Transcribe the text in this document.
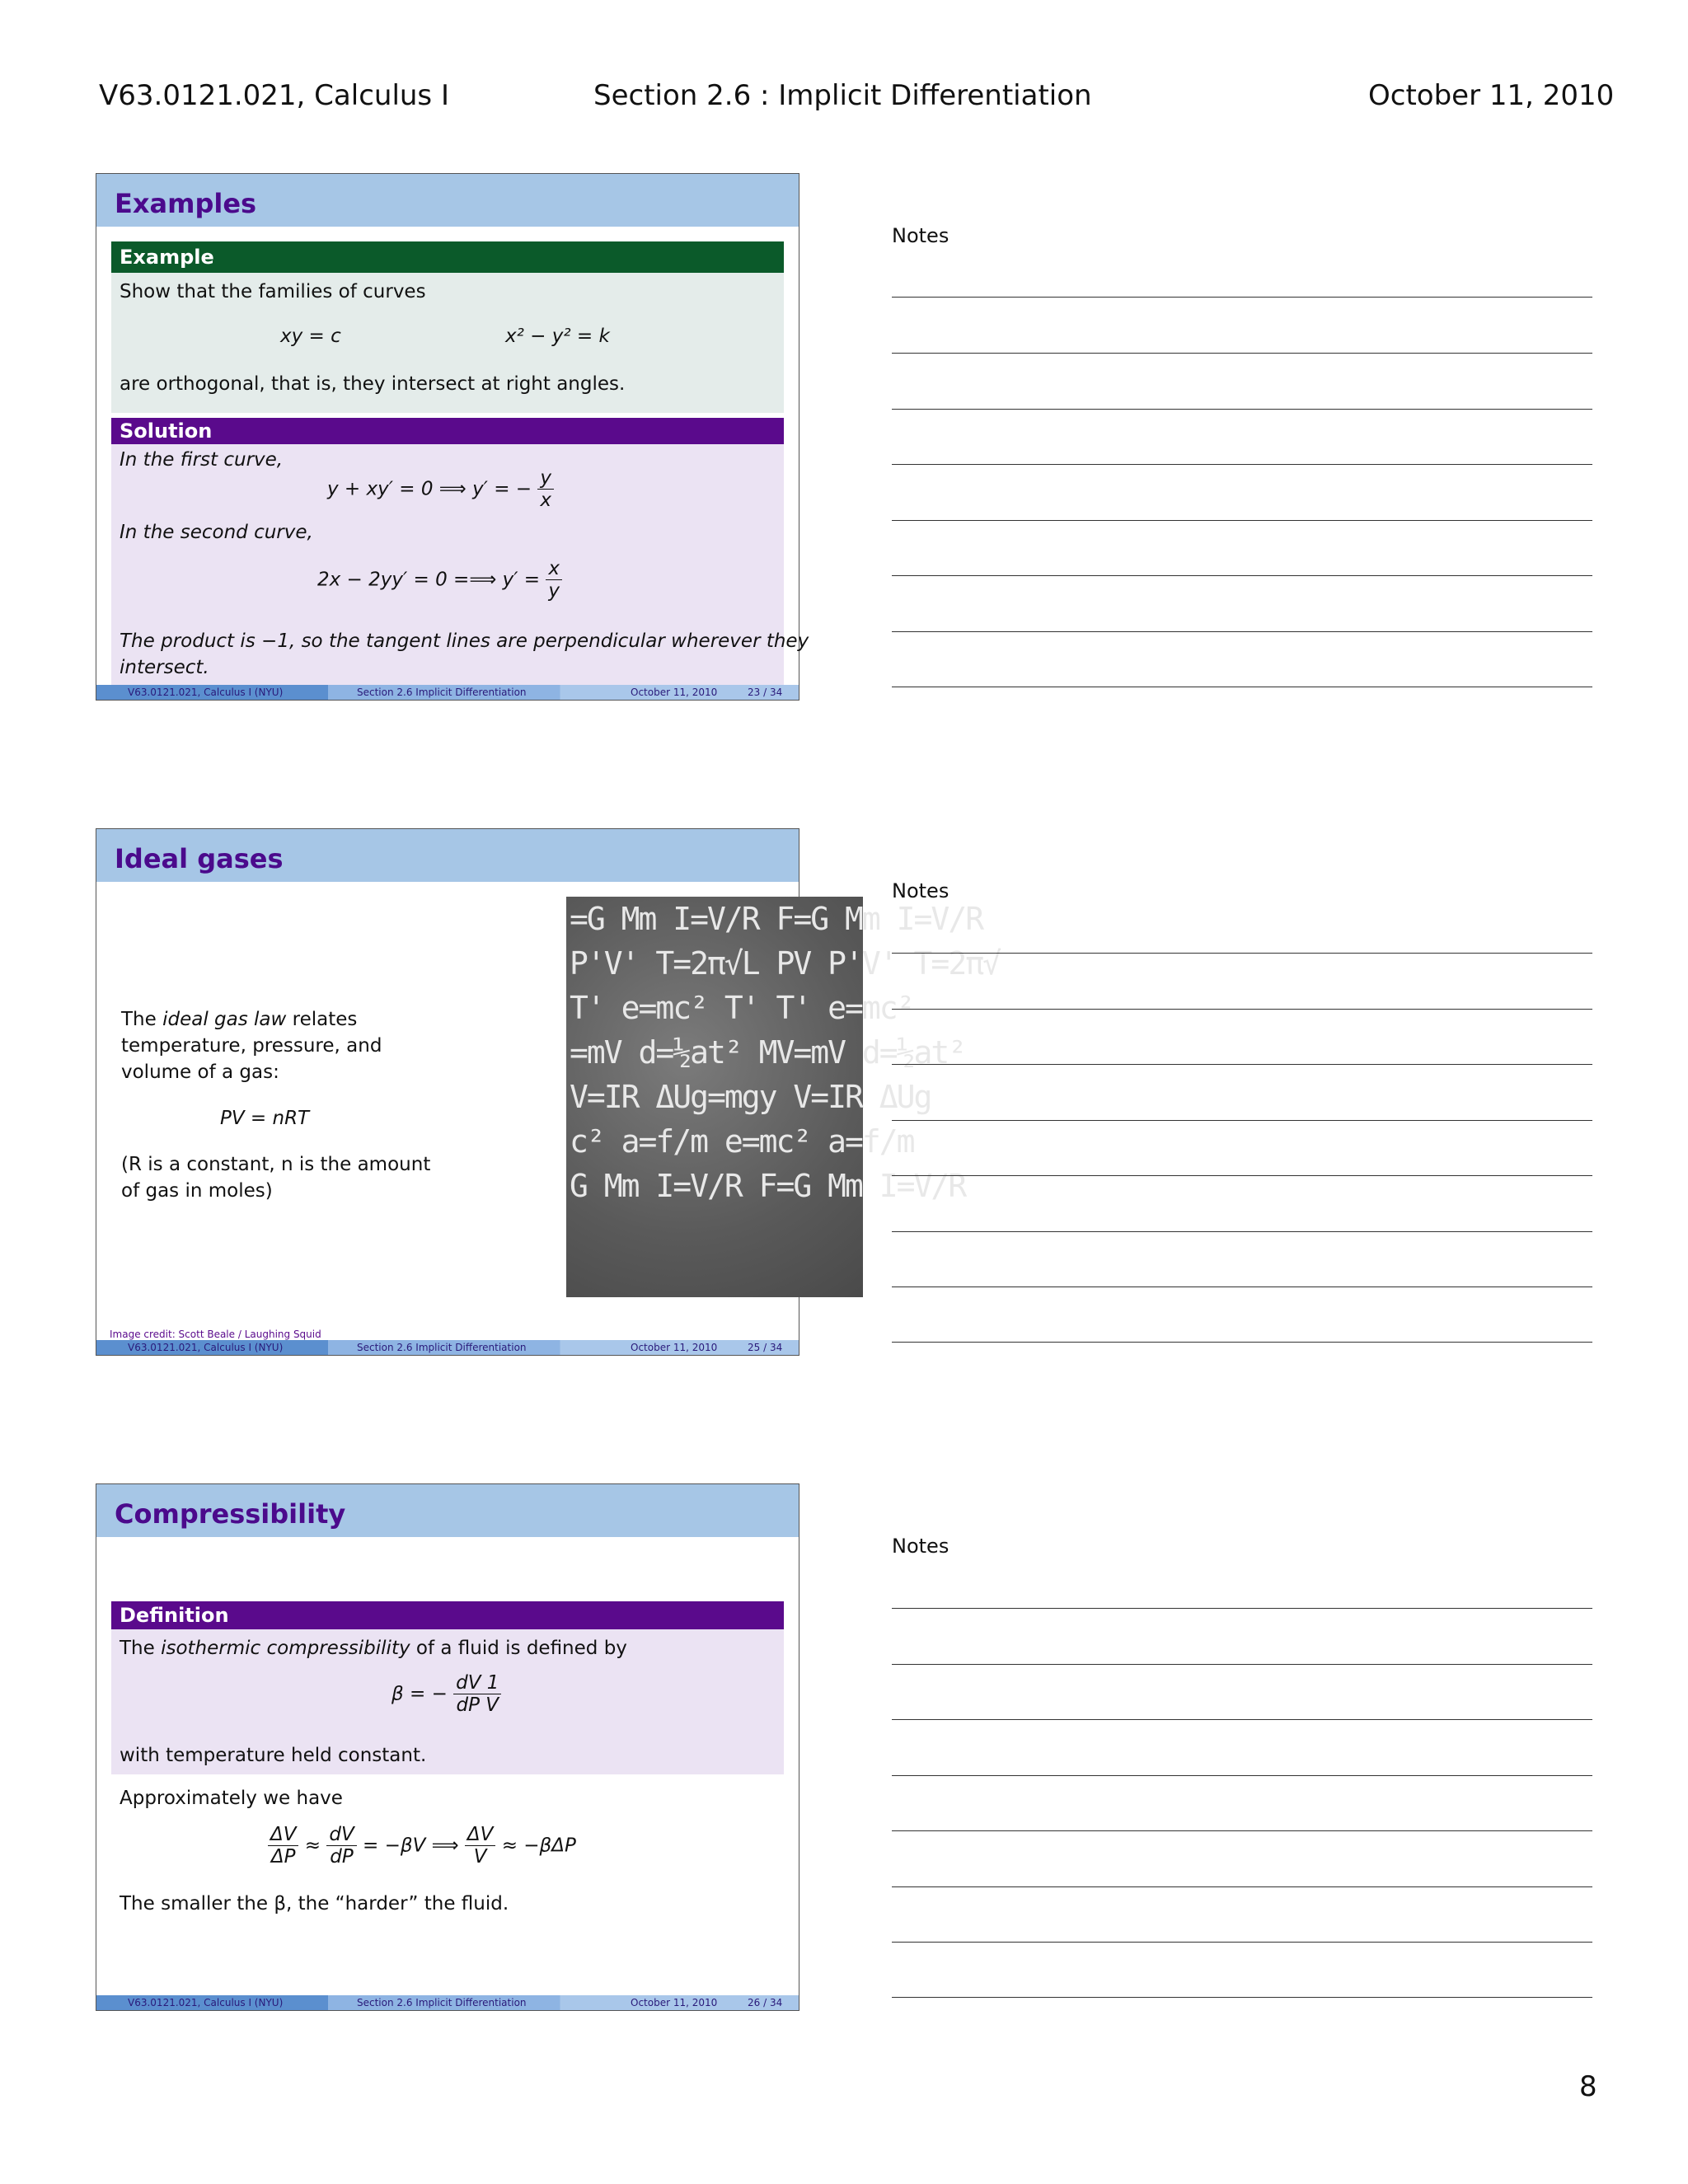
V63.0121.021, Calculus I	Section 2.6 : Implicit Differentiation	October 11, 2010
Examples
Example
Show that the families of curves
xy = c	x² − y² = k
are orthogonal, that is, they intersect at right angles.
Solution
In the first curve,
y + xy′ = 0 ⟹ y′ = − $\frac{y}{x}$
In the second curve,
2x − 2yy′ = 0 =⟹ $y' = \frac{x}{y}$
The product is −1, so the tangent lines are perpendicular wherever they
intersect.
V63.0121.021, Calculus I (NYU)	Section 2.6 Implicit Differentiation	October 11, 2010	23 / 34
Ideal gases
The ideal gas law relates
temperature, pressure, and
volume of a gas:
PV = nRT
(R is a constant, n is the amount
of gas in moles)
=G Mm I=V/R F=G Mm I=V/R
P'V' T=2π√L PV P'V' T=2π√
T' e=mc² T' T' e=mc²
=mV d=½at² MV=mV d=½at²
V=IR ΔUg=mgy V=IR ΔUg
c² a=f/m e=mc² a=f/m
G Mm I=V/R F=G Mm I=V/R
Image credit: Scott Beale / Laughing Squid
V63.0121.021, Calculus I (NYU)	Section 2.6 Implicit Differentiation	October 11, 2010	25 / 34
Compressibility
Definition
The isothermic compressibility of a fluid is defined by
β = − $\frac{dV 1}{\text{dP V}}$
with temperature held constant.
Approximately we have
$\frac{\Delta V}{\Delta P} \approx \frac{dV}{dP} = -\beta V$ ⟹ $\frac{\Delta V}{V} \approx -\beta\Delta P$
The smaller the β, the “harder” the fluid.
V63.0121.021, Calculus I (NYU)	Section 2.6 Implicit Differentiation	October 11, 2010	26 / 34
Notes
Notes
Notes
8
